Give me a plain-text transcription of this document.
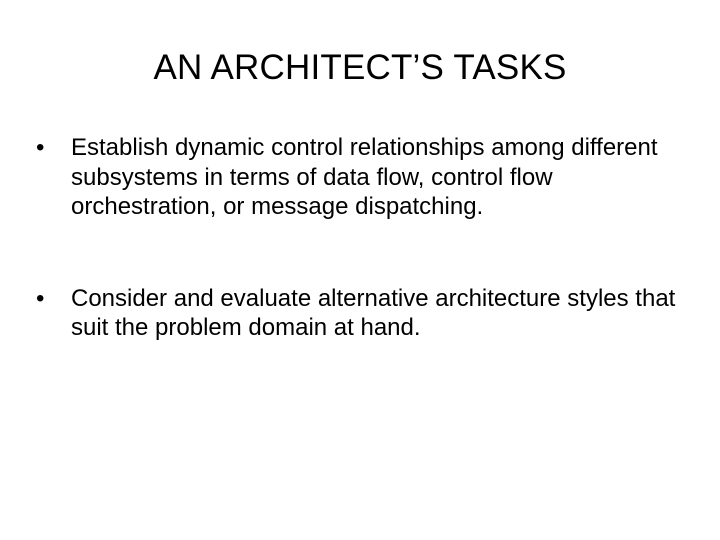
AN ARCHITECT’S TASKS
•	Establish dynamic control relationships among different subsystems in terms of data flow, control flow orchestration, or message dispatching.
•	Consider and evaluate alternative architecture styles that suit the problem domain at hand.
